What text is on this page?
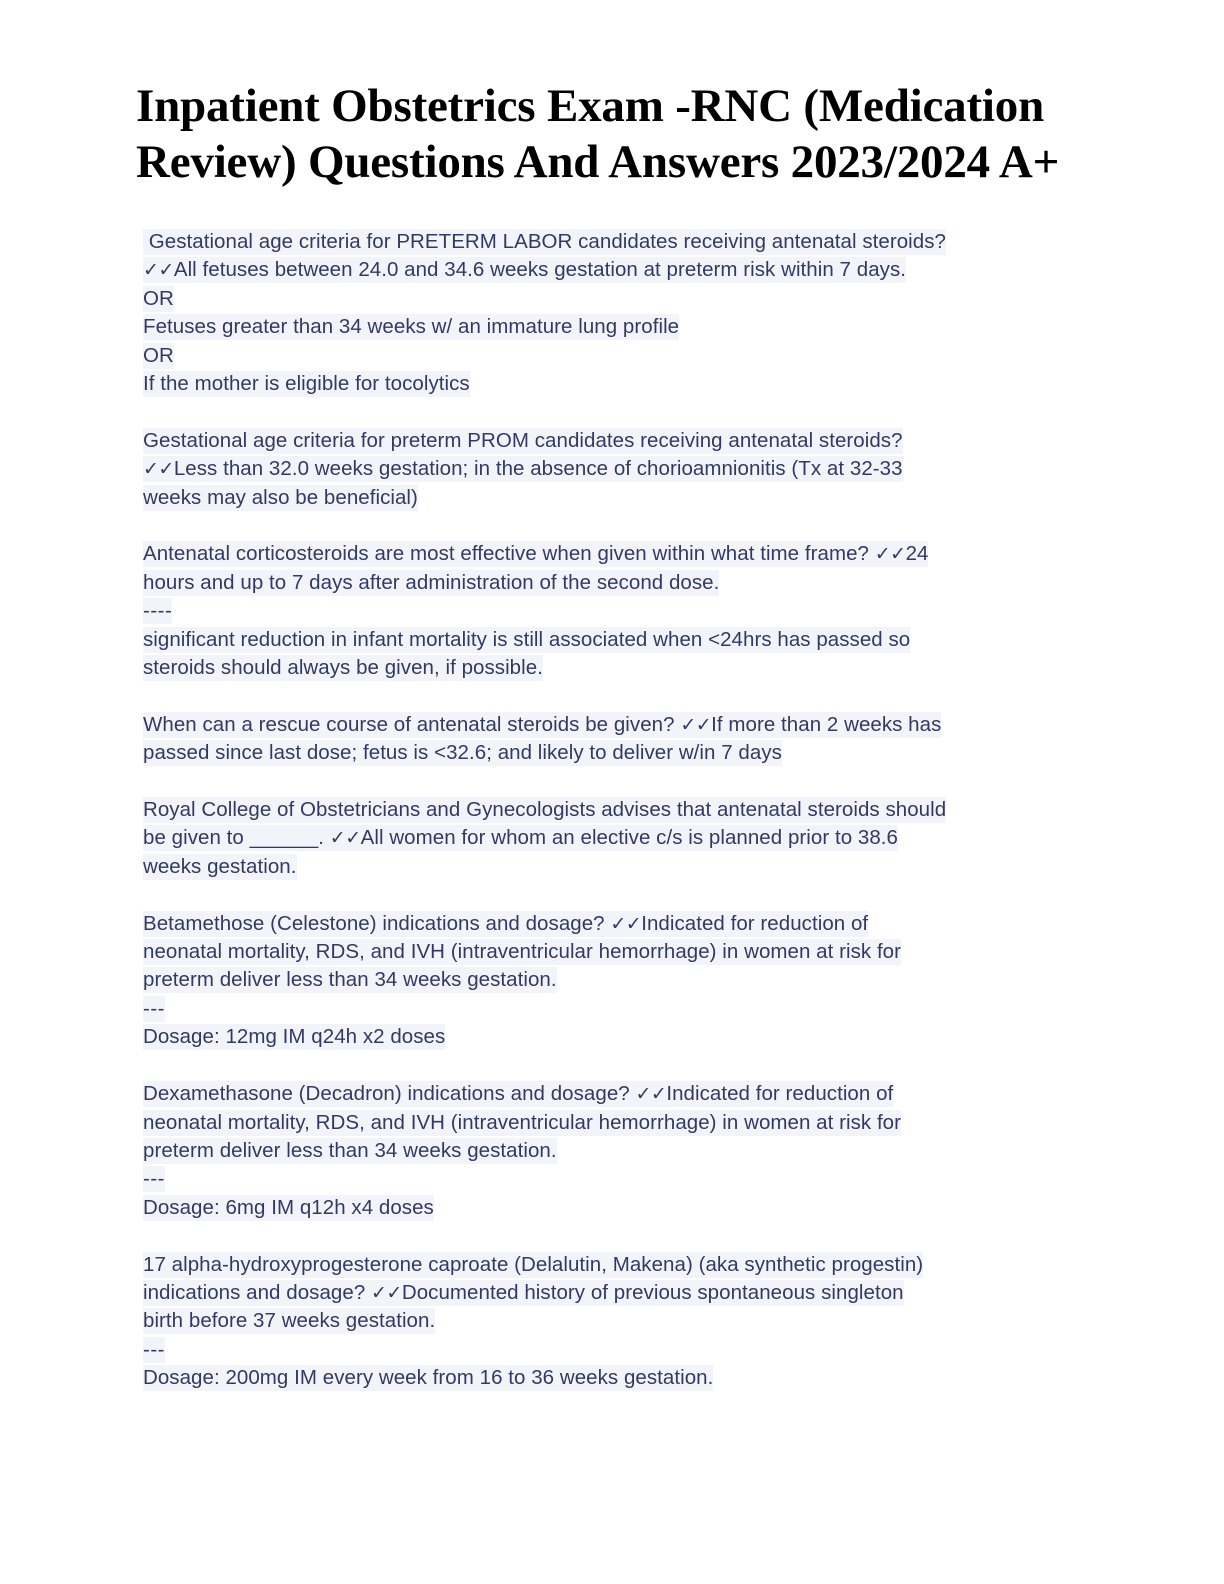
Inpatient Obstetrics Exam -RNC (Medication Review) Questions And Answers 2023/2024 A+

Gestational age criteria for PRETERM LABOR candidates receiving antenatal steroids?
✓✓All fetuses between 24.0 and 34.6 weeks gestation at preterm risk within 7 days.
OR
Fetuses greater than 34 weeks w/ an immature lung profile
OR
If the mother is eligible for tocolytics

Gestational age criteria for preterm PROM candidates receiving antenatal steroids?
✓✓Less than 32.0 weeks gestation; in the absence of chorioamnionitis (Tx at 32-33
weeks may also be beneficial)

Antenatal corticosteroids are most effective when given within what time frame? ✓✓24
hours and up to 7 days after administration of the second dose.
----
significant reduction in infant mortality is still associated when <24hrs has passed so
steroids should always be given, if possible.

When can a rescue course of antenatal steroids be given? ✓✓If more than 2 weeks has
passed since last dose; fetus is <32.6; and likely to deliver w/in 7 days

Royal College of Obstetricians and Gynecologists advises that antenatal steroids should
be given to ______. ✓✓All women for whom an elective c/s is planned prior to 38.6
weeks gestation.

Betamethose (Celestone) indications and dosage? ✓✓Indicated for reduction of
neonatal mortality, RDS, and IVH (intraventricular hemorrhage) in women at risk for
preterm deliver less than 34 weeks gestation.
---
Dosage: 12mg IM q24h x2 doses

Dexamethasone (Decadron) indications and dosage? ✓✓Indicated for reduction of
neonatal mortality, RDS, and IVH (intraventricular hemorrhage) in women at risk for
preterm deliver less than 34 weeks gestation.
---
Dosage: 6mg IM q12h x4 doses

17 alpha-hydroxyprogesterone caproate (Delalutin, Makena) (aka synthetic progestin)
indications and dosage? ✓✓Documented history of previous spontaneous singleton
birth before 37 weeks gestation.
---
Dosage: 200mg IM every week from 16 to 36 weeks gestation.
